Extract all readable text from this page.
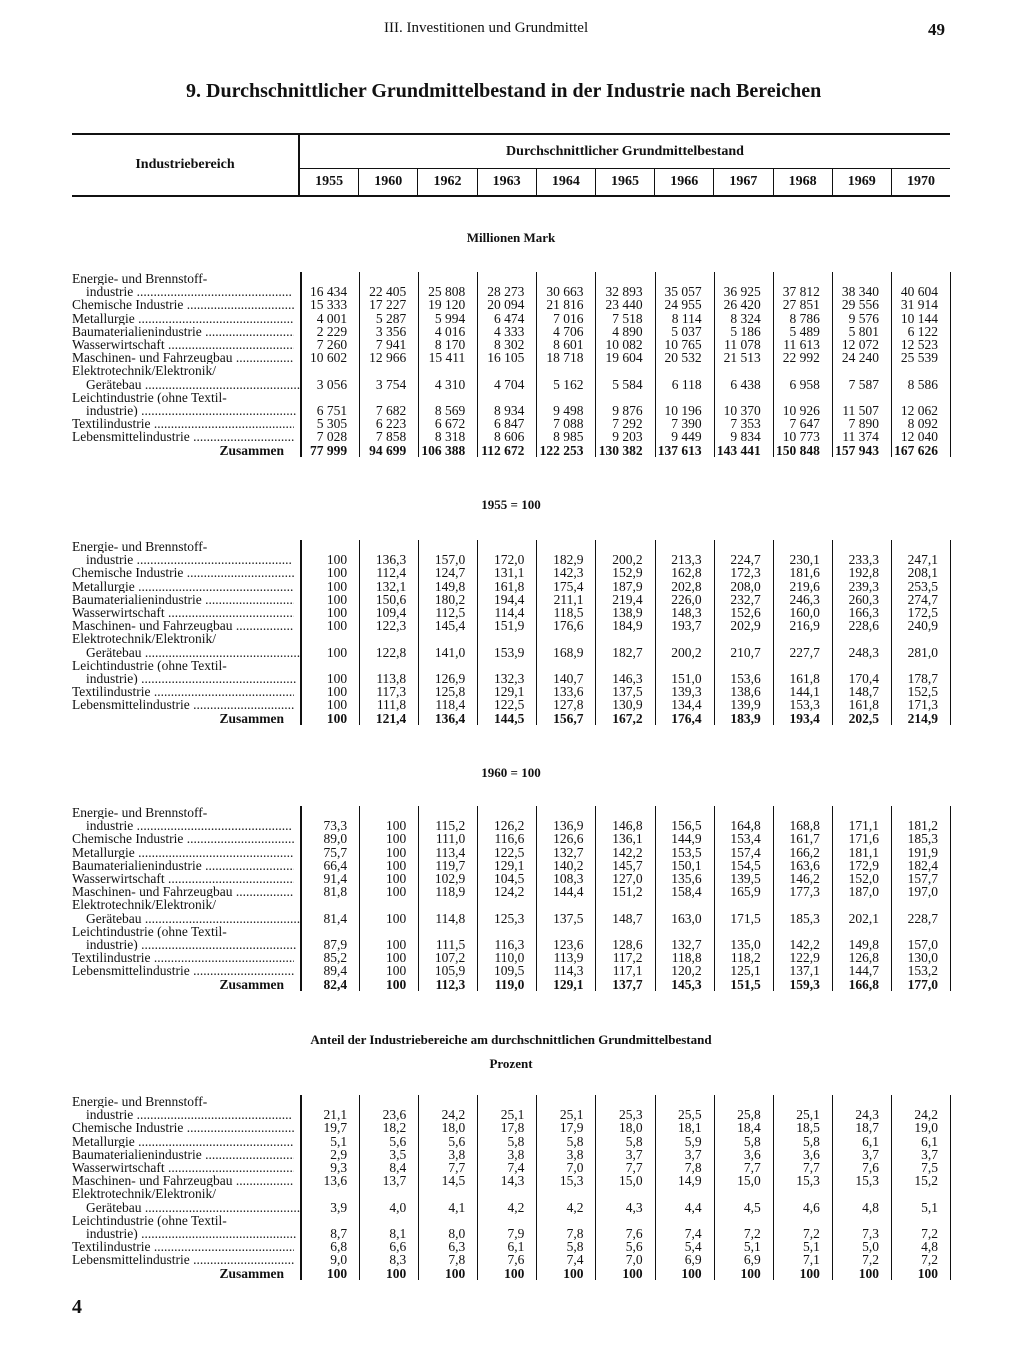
III. Investitionen und Grundmittel	49
9. Durchschnittlicher Grundmittelbestand in der Industrie nach Bereichen
Industriebereich
Durchschnittlicher Grundmittelbestand
1955	1960	1962	1963	1964	1965	1966	1967	1968	1969	1970
Millionen Mark
Energie- und Brennstoff-
industrie .....	16 434	22 405	25 808	28 273	30 663	32 893	35 057	36 925	37 812	38 340	40 604
Chemische Industrie .....	15 333	17 227	19 120	20 094	21 816	23 440	24 955	26 420	27 851	29 556	31 914
Metallurgie .....	4 001	5 287	5 994	6 474	7 016	7 518	8 114	8 324	8 786	9 576	10 144
Baumaterialienindustrie .....	2 229	3 356	4 016	4 333	4 706	4 890	5 037	5 186	5 489	5 801	6 122
Wasserwirtschaft .....	7 260	7 941	8 170	8 302	8 601	10 082	10 765	11 078	11 613	12 072	12 523
Maschinen- und Fahrzeugbau .....	10 602	12 966	15 411	16 105	18 718	19 604	20 532	21 513	22 992	24 240	25 539
Elektrotechnik/Elektronik/
Gerätebau .....	3 056	3 754	4 310	4 704	5 162	5 584	6 118	6 438	6 958	7 587	8 586
Leichtindustrie (ohne Textil-
industrie) .....	6 751	7 682	8 569	8 934	9 498	9 876	10 196	10 370	10 926	11 507	12 062
Textilindustrie .....	5 305	6 223	6 672	6 847	7 088	7 292	7 390	7 353	7 647	7 890	8 092
Lebensmittelindustrie .....	7 028	7 858	8 318	8 606	8 985	9 203	9 449	9 834	10 773	11 374	12 040
Zusammen	77 999	94 699	106 388	112 672	122 253	130 382	137 613	143 441	150 848	157 943	167 626
1955 = 100
Energie- und Brennstoff-
industrie .....	100	136,3	157,0	172,0	182,9	200,2	213,3	224,7	230,1	233,3	247,1
Chemische Industrie .....	100	112,4	124,7	131,1	142,3	152,9	162,8	172,3	181,6	192,8	208,1
Metallurgie .....	100	132,1	149,8	161,8	175,4	187,9	202,8	208,0	219,6	239,3	253,5
Baumaterialienindustrie .....	100	150,6	180,2	194,4	211,1	219,4	226,0	232,7	246,3	260,3	274,7
Wasserwirtschaft .....	100	109,4	112,5	114,4	118,5	138,9	148,3	152,6	160,0	166,3	172,5
Maschinen- und Fahrzeugbau .....	100	122,3	145,4	151,9	176,6	184,9	193,7	202,9	216,9	228,6	240,9
Elektrotechnik/Elektronik/
Gerätebau .....	100	122,8	141,0	153,9	168,9	182,7	200,2	210,7	227,7	248,3	281,0
Leichtindustrie (ohne Textil-
industrie) .....	100	113,8	126,9	132,3	140,7	146,3	151,0	153,6	161,8	170,4	178,7
Textilindustrie .....	100	117,3	125,8	129,1	133,6	137,5	139,3	138,6	144,1	148,7	152,5
Lebensmittelindustrie .....	100	111,8	118,4	122,5	127,8	130,9	134,4	139,9	153,3	161,8	171,3
Zusammen	100	121,4	136,4	144,5	156,7	167,2	176,4	183,9	193,4	202,5	214,9
1960 = 100
Energie- und Brennstoff-
industrie .....	73,3	100	115,2	126,2	136,9	146,8	156,5	164,8	168,8	171,1	181,2
Chemische Industrie .....	89,0	100	111,0	116,6	126,6	136,1	144,9	153,4	161,7	171,6	185,3
Metallurgie .....	75,7	100	113,4	122,5	132,7	142,2	153,5	157,4	166,2	181,1	191,9
Baumaterialienindustrie .....	66,4	100	119,7	129,1	140,2	145,7	150,1	154,5	163,6	172,9	182,4
Wasserwirtschaft .....	91,4	100	102,9	104,5	108,3	127,0	135,6	139,5	146,2	152,0	157,7
Maschinen- und Fahrzeugbau .....	81,8	100	118,9	124,2	144,4	151,2	158,4	165,9	177,3	187,0	197,0
Elektrotechnik/Elektronik/
Gerätebau .....	81,4	100	114,8	125,3	137,5	148,7	163,0	171,5	185,3	202,1	228,7
Leichtindustrie (ohne Textil-
industrie) .....	87,9	100	111,5	116,3	123,6	128,6	132,7	135,0	142,2	149,8	157,0
Textilindustrie .....	85,2	100	107,2	110,0	113,9	117,2	118,8	118,2	122,9	126,8	130,0
Lebensmittelindustrie .....	89,4	100	105,9	109,5	114,3	117,1	120,2	125,1	137,1	144,7	153,2
Zusammen	82,4	100	112,3	119,0	129,1	137,7	145,3	151,5	159,3	166,8	177,0
Anteil der Industriebereiche am durchschnittlichen Grundmittelbestand
Prozent
Energie- und Brennstoff-
industrie .....	21,1	23,6	24,2	25,1	25,1	25,3	25,5	25,8	25,1	24,3	24,2
Chemische Industrie .....	19,7	18,2	18,0	17,8	17,9	18,0	18,1	18,4	18,5	18,7	19,0
Metallurgie .....	5,1	5,6	5,6	5,8	5,8	5,8	5,9	5,8	5,8	6,1	6,1
Baumaterialienindustrie .....	2,9	3,5	3,8	3,8	3,8	3,7	3,7	3,6	3,6	3,7	3,7
Wasserwirtschaft .....	9,3	8,4	7,7	7,4	7,0	7,7	7,8	7,7	7,7	7,6	7,5
Maschinen- und Fahrzeugbau .....	13,6	13,7	14,5	14,3	15,3	15,0	14,9	15,0	15,3	15,3	15,2
Elektrotechnik/Elektronik/
Gerätebau .....	3,9	4,0	4,1	4,2	4,2	4,3	4,4	4,5	4,6	4,8	5,1
Leichtindustrie (ohne Textil-
industrie) .....	8,7	8,1	8,0	7,9	7,8	7,6	7,4	7,2	7,2	7,3	7,2
Textilindustrie .....	6,8	6,6	6,3	6,1	5,8	5,6	5,4	5,1	5,1	5,0	4,8
Lebensmittelindustrie .....	9,0	8,3	7,8	7,6	7,4	7,0	6,9	6,9	7,1	7,2	7,2
Zusammen	100	100	100	100	100	100	100	100	100	100	100
4
